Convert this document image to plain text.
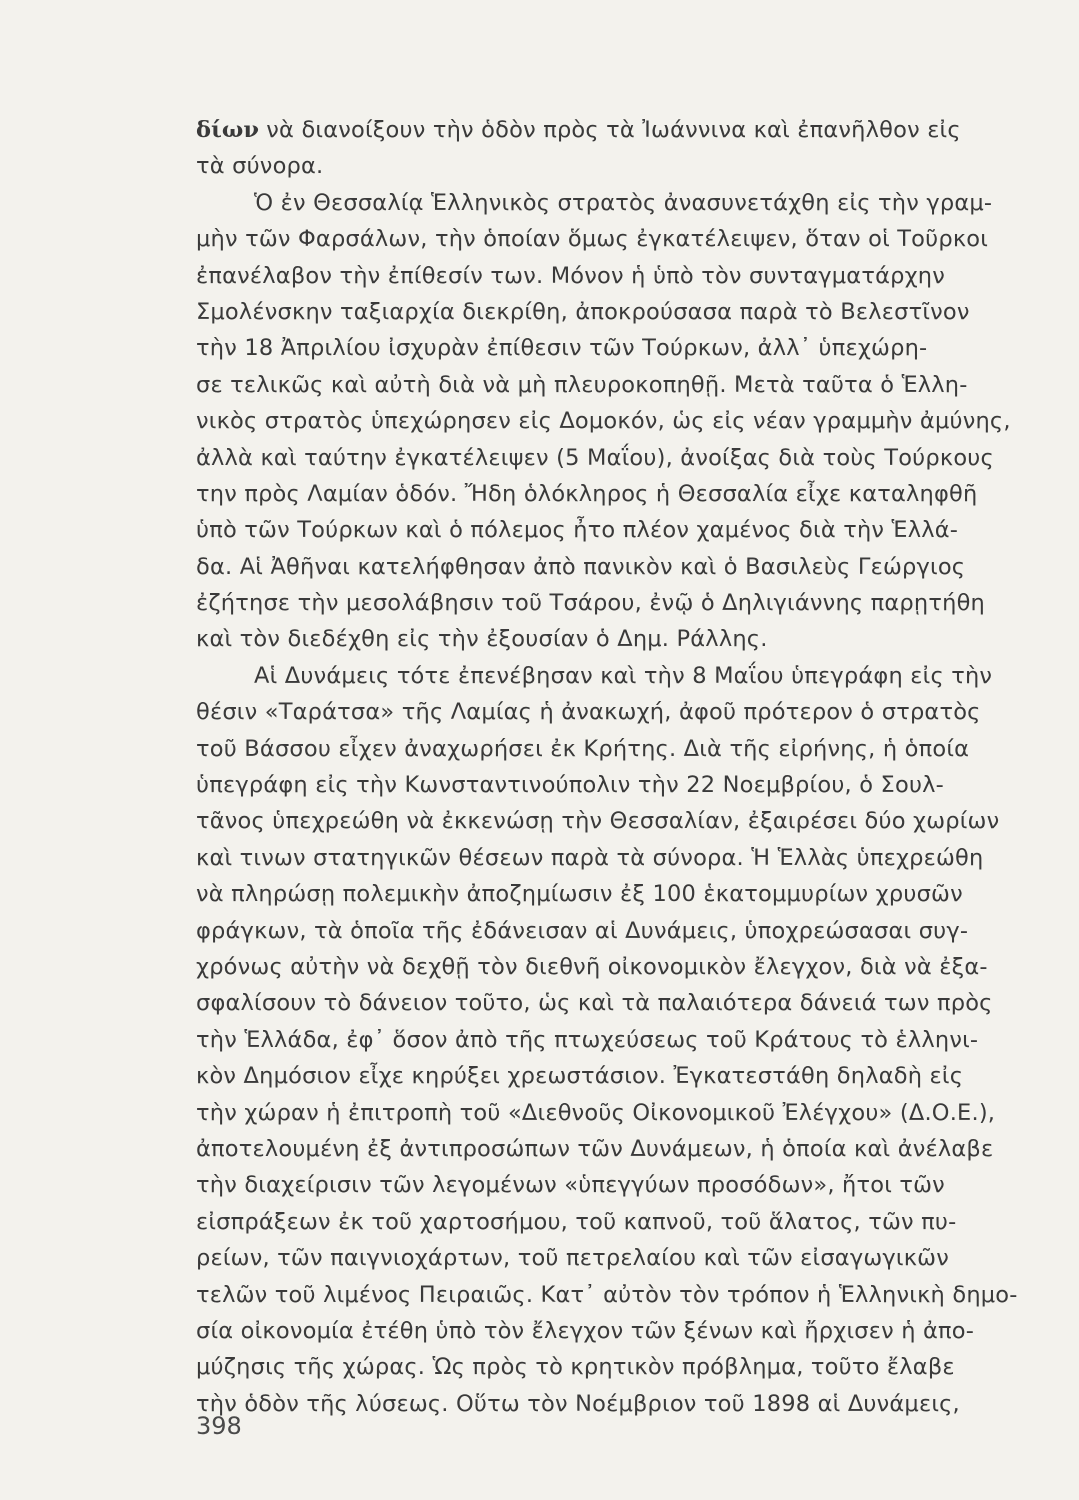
δίων νὰ διανοίξουν τὴν ὁδὸν πρὸς τὰ Ἰωάννινα καὶ ἐπανῆλθον εἰς
τὰ σύνορα.
Ὁ ἐν Θεσσαλίᾳ Ἑλληνικὸς στρατὸς ἀνασυνετάχθη εἰς τὴν γραμ-
μὴν τῶν Φαρσάλων, τὴν ὁποίαν ὅμως ἐγκατέλειψεν, ὅταν οἱ Τοῦρκοι
ἐπανέλαβον τὴν ἐπίθεσίν των. Μόνον ἡ ὑπὸ τὸν συνταγματάρχην
Σμολένσκην ταξιαρχία διεκρίθη, ἀποκρούσασα παρὰ τὸ Βελεστῖνον
τὴν 18 Ἀπριλίου ἰσχυρὰν ἐπίθεσιν τῶν Τούρκων, ἀλλ᾽ ὑπεχώρη-
σε τελικῶς καὶ αὐτὴ διὰ νὰ μὴ πλευροκοπηθῇ. Μετὰ ταῦτα ὁ Ἑλλη-
νικὸς στρατὸς ὑπεχώρησεν εἰς Δομοκόν, ὡς εἰς νέαν γραμμὴν ἀμύνης,
ἀλλὰ καὶ ταύτην ἐγκατέλειψεν (5 Μαΐου), ἀνοίξας διὰ τοὺς Τούρκους
την πρὸς Λαμίαν ὁδόν. Ἤδη ὁλόκληρος ἡ Θεσσαλία εἶχε καταληφθῆ
ὑπὸ τῶν Τούρκων καὶ ὁ πόλεμος ἦτο πλέον χαμένος διὰ τὴν Ἑλλά-
δα. Αἱ Ἀθῆναι κατελήφθησαν ἀπὸ πανικὸν καὶ ὁ Βασιλεὺς Γεώργιος
ἐζήτησε τὴν μεσολάβησιν τοῦ Τσάρου, ἐνῷ ὁ Δηλιγιάννης παρῃτήθη
καὶ τὸν διεδέχθη εἰς τὴν ἐξουσίαν ὁ Δημ. Ράλλης.
Αἱ Δυνάμεις τότε ἐπενέβησαν καὶ τὴν 8 Μαΐου ὑπεγράφη εἰς τὴν
θέσιν «Ταράτσα» τῆς Λαμίας ἡ ἀνακωχή, ἀφοῦ πρότερον ὁ στρατὸς
τοῦ Βάσσου εἶχεν ἀναχωρήσει ἐκ Κρήτης. Διὰ τῆς εἰρήνης, ἡ ὁποία
ὑπεγράφη εἰς τὴν Κωνσταντινούπολιν τὴν 22 Νοεμβρίου, ὁ Σουλ-
τᾶνος ὑπεχρεώθη νὰ ἐκκενώσῃ τὴν Θεσσαλίαν, ἐξαιρέσει δύο χωρίων
καὶ τινων στατηγικῶν θέσεων παρὰ τὰ σύνορα. Ἡ Ἑλλὰς ὑπεχρεώθη
νὰ πληρώσῃ πολεμικὴν ἀποζημίωσιν ἐξ 100 ἑκατομμυρίων χρυσῶν
φράγκων, τὰ ὁποῖα τῆς ἐδάνεισαν αἱ Δυνάμεις, ὑποχρεώσασαι συγ-
χρόνως αὐτὴν νὰ δεχθῇ τὸν διεθνῆ οἰκονομικὸν ἔλεγχον, διὰ νὰ ἐξα-
σφαλίσουν τὸ δάνειον τοῦτο, ὡς καὶ τὰ παλαιότερα δάνειά των πρὸς
τὴν Ἑλλάδα, ἐφ᾽ ὅσον ἀπὸ τῆς πτωχεύσεως τοῦ Κράτους τὸ ἑλληνι-
κὸν Δημόσιον εἶχε κηρύξει χρεωστάσιον. Ἐγκατεστάθη δηλαδὴ εἰς
τὴν χώραν ἡ ἐπιτροπὴ τοῦ «Διεθνοῦς Οἰκονομικοῦ Ἐλέγχου» (Δ.Ο.Ε.),
ἀποτελουμένη ἐξ ἀντιπροσώπων τῶν Δυνάμεων, ἡ ὁποία καὶ ἀνέλαβε
τὴν διαχείρισιν τῶν λεγομένων «ὑπεγγύων προσόδων», ἤτοι τῶν
εἰσπράξεων ἐκ τοῦ χαρτοσήμου, τοῦ καπνοῦ, τοῦ ἅλατος, τῶν πυ-
ρείων, τῶν παιγνιοχάρτων, τοῦ πετρελαίου καὶ τῶν εἰσαγωγικῶν
τελῶν τοῦ λιμένος Πειραιῶς. Κατ᾽ αὐτὸν τὸν τρόπον ἡ Ἑλληνικὴ δημο-
σία οἰκονομία ἐτέθη ὑπὸ τὸν ἔλεγχον τῶν ξένων καὶ ἤρχισεν ἡ ἀπο-
μύζησις τῆς χώρας. Ὡς πρὸς τὸ κρητικὸν πρόβλημα, τοῦτο ἔλαβε
τὴν ὁδὸν τῆς λύσεως. Οὕτω τὸν Νοέμβριον τοῦ 1898 αἱ Δυνάμεις,
398
